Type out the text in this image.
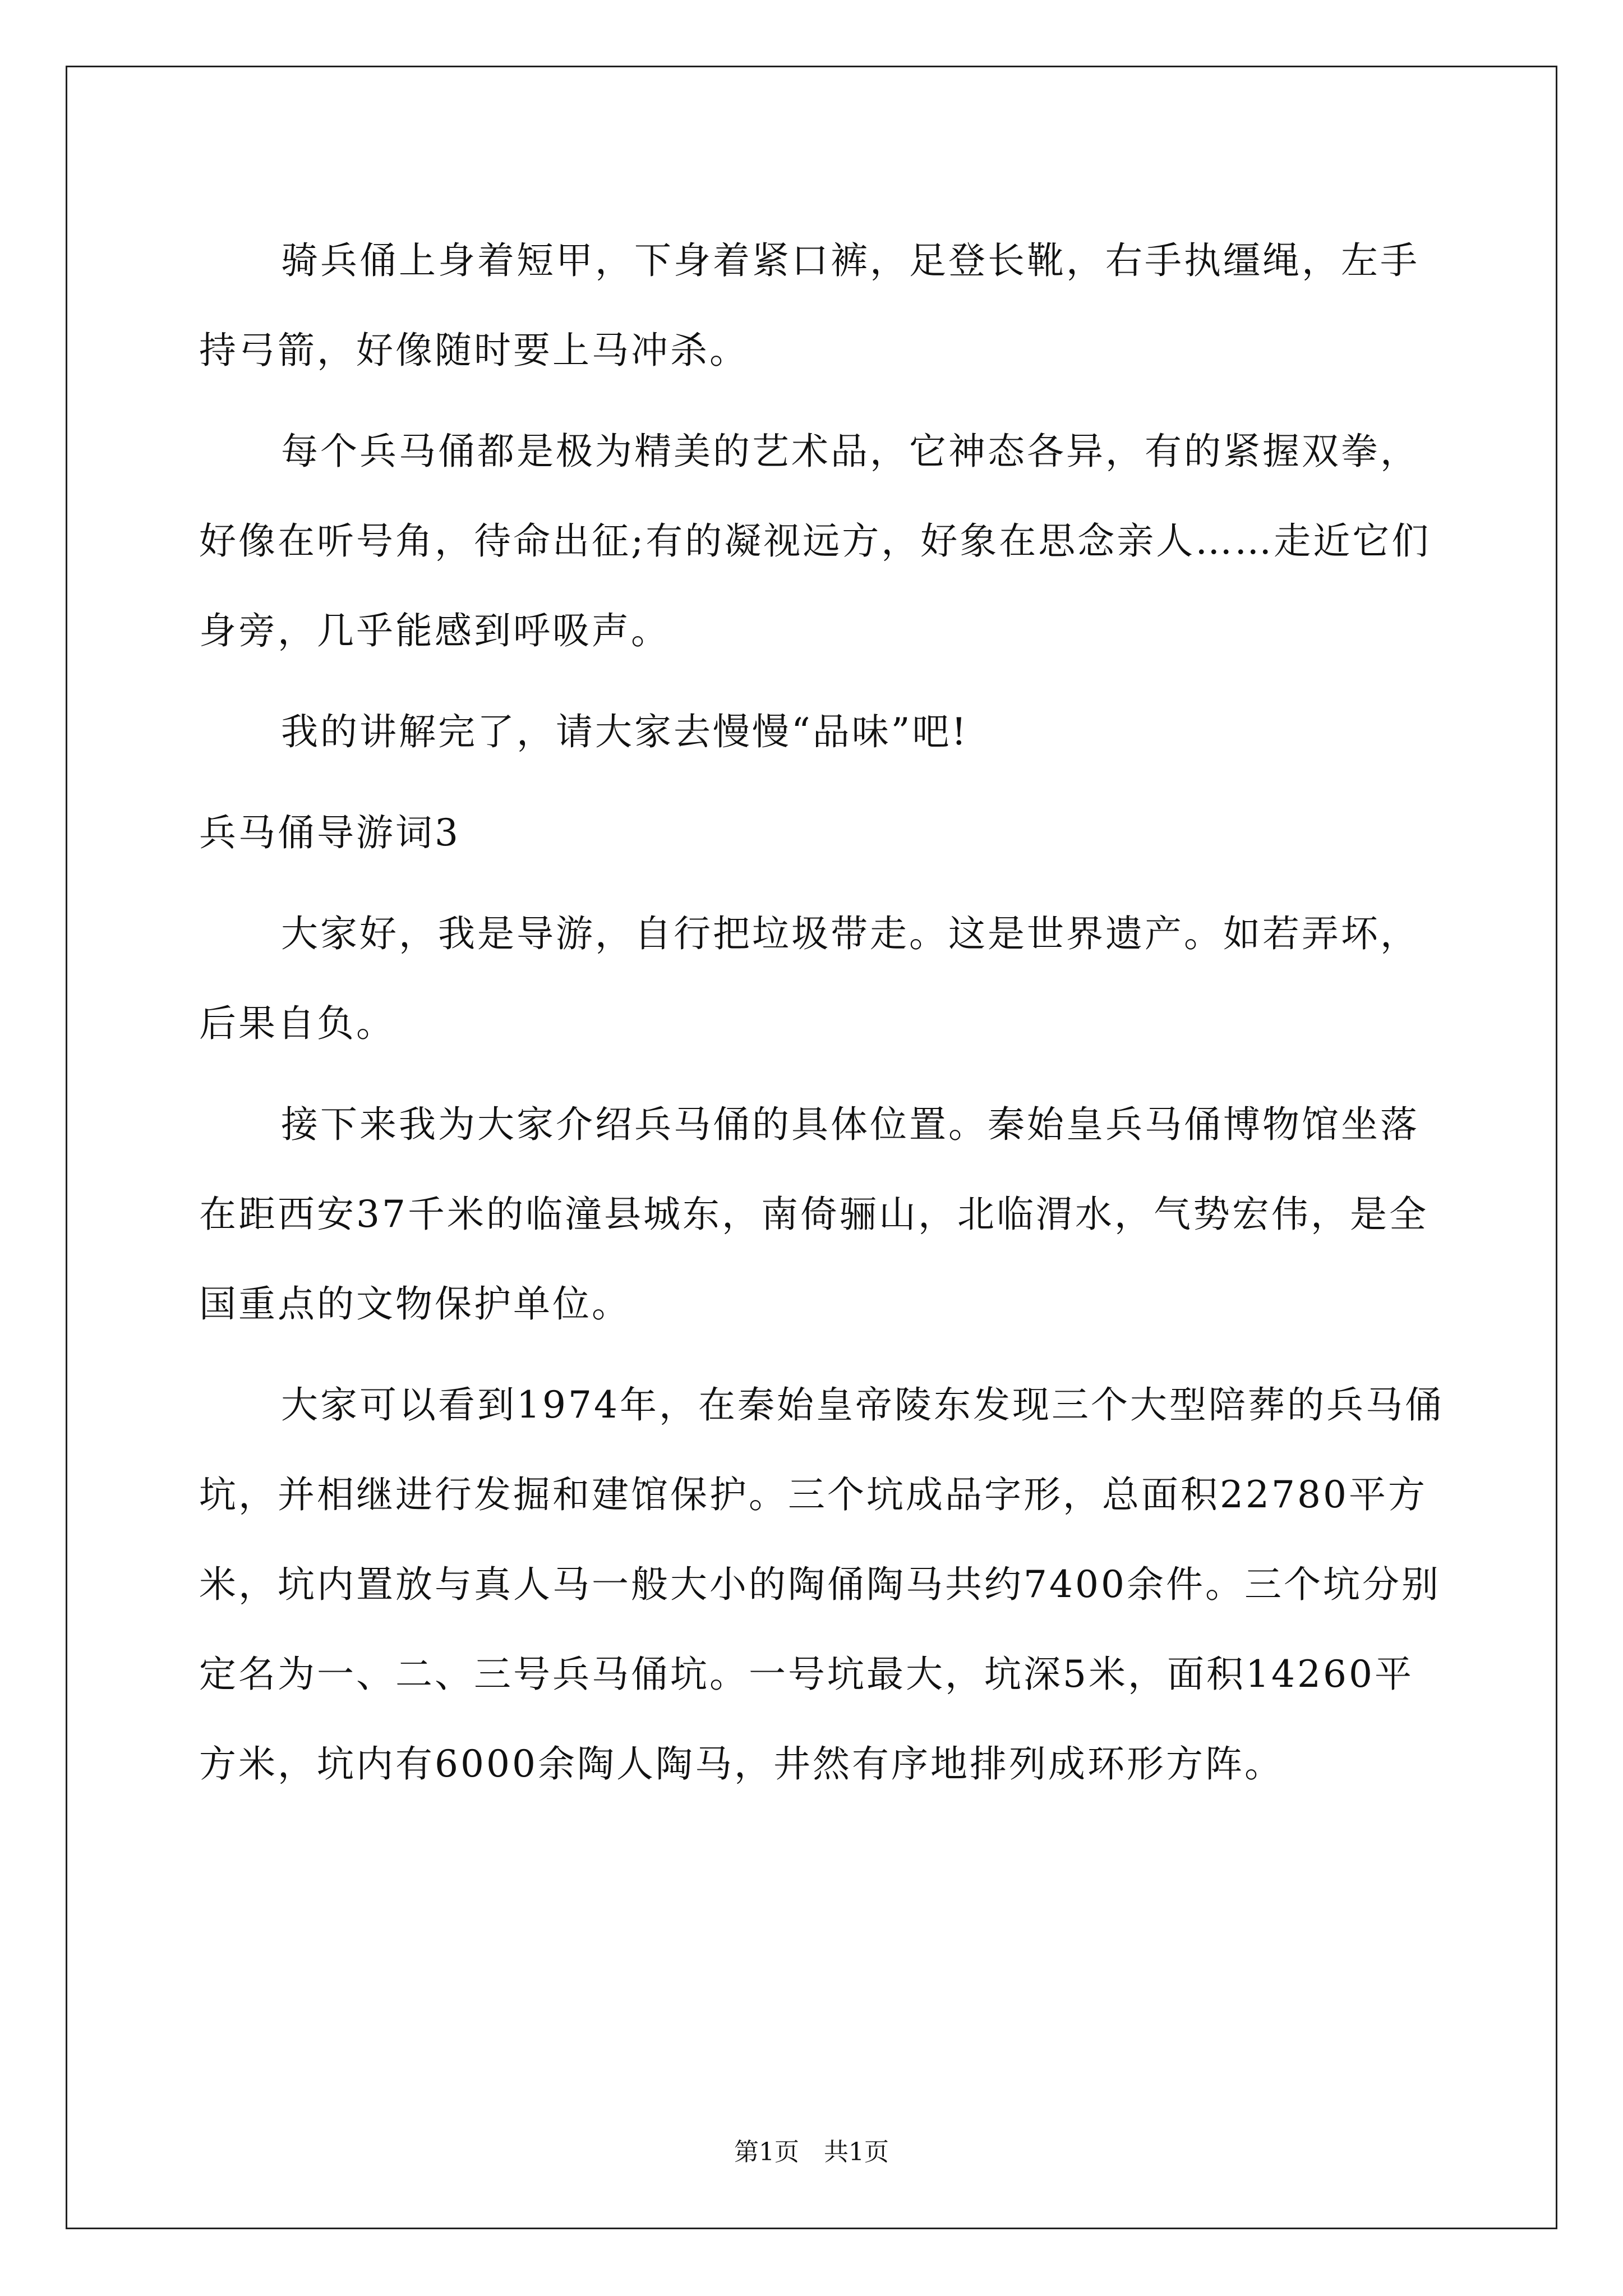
骑兵俑上身着短甲，下身着紧口裤，足登长靴，右手执缰绳，左手持弓箭，好像随时要上马冲杀。

每个兵马俑都是极为精美的艺术品，它神态各异，有的紧握双拳，好像在听号角，待命出征;有的凝视远方，好象在思念亲人……走近它们身旁，几乎能感到呼吸声。

我的讲解完了，请大家去慢慢“品味”吧!

兵马俑导游词3

大家好，我是导游，自行把垃圾带走。这是世界遗产。如若弄坏，后果自负。

接下来我为大家介绍兵马俑的具体位置。秦始皇兵马俑博物馆坐落在距西安37千米的临潼县城东，南倚骊山，北临渭水，气势宏伟，是全国重点的文物保护单位。

大家可以看到1974年，在秦始皇帝陵东发现三个大型陪葬的兵马俑坑，并相继进行发掘和建馆保护。三个坑成品字形，总面积22780平方米，坑内置放与真人马一般大小的陶俑陶马共约7400余件。三个坑分别定名为一、二、三号兵马俑坑。一号坑最大，坑深5米，面积14260平方米，坑内有6000余陶人陶马，井然有序地排列成环形方阵。

第1页　共1页
